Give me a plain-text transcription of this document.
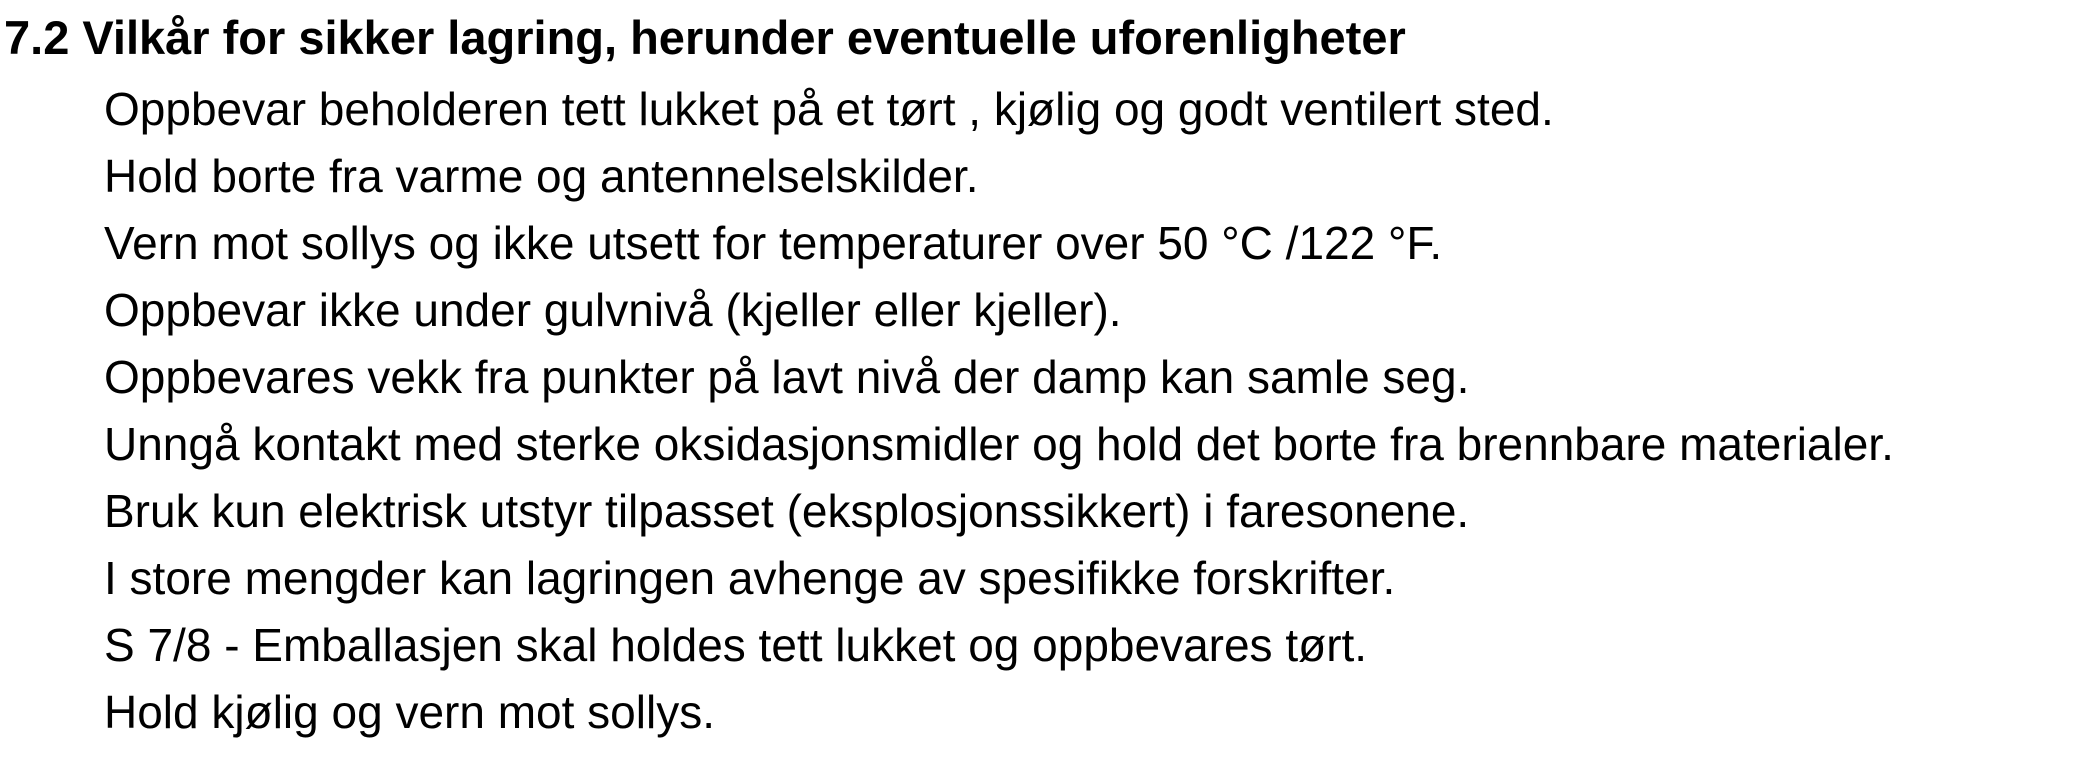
7.2 Vilkår for sikker lagring, herunder eventuelle uforenligheter
Oppbevar beholderen tett lukket på et tørt , kjølig og godt ventilert sted.
Hold borte fra varme og antennelselskilder.
Vern mot sollys og ikke utsett for temperaturer over 50 °C /122 °F.
Oppbevar ikke under gulvnivå (kjeller eller kjeller).
Oppbevares vekk fra punkter på lavt nivå der damp kan samle seg.
Unngå kontakt med sterke oksidasjonsmidler og hold det borte fra brennbare materialer.
Bruk kun elektrisk utstyr tilpasset (eksplosjonssikkert) i faresonene.
I store mengder kan lagringen avhenge av spesifikke forskrifter.
S 7/8 - Emballasjen skal holdes tett lukket og oppbevares tørt.
Hold kjølig og vern mot sollys.
